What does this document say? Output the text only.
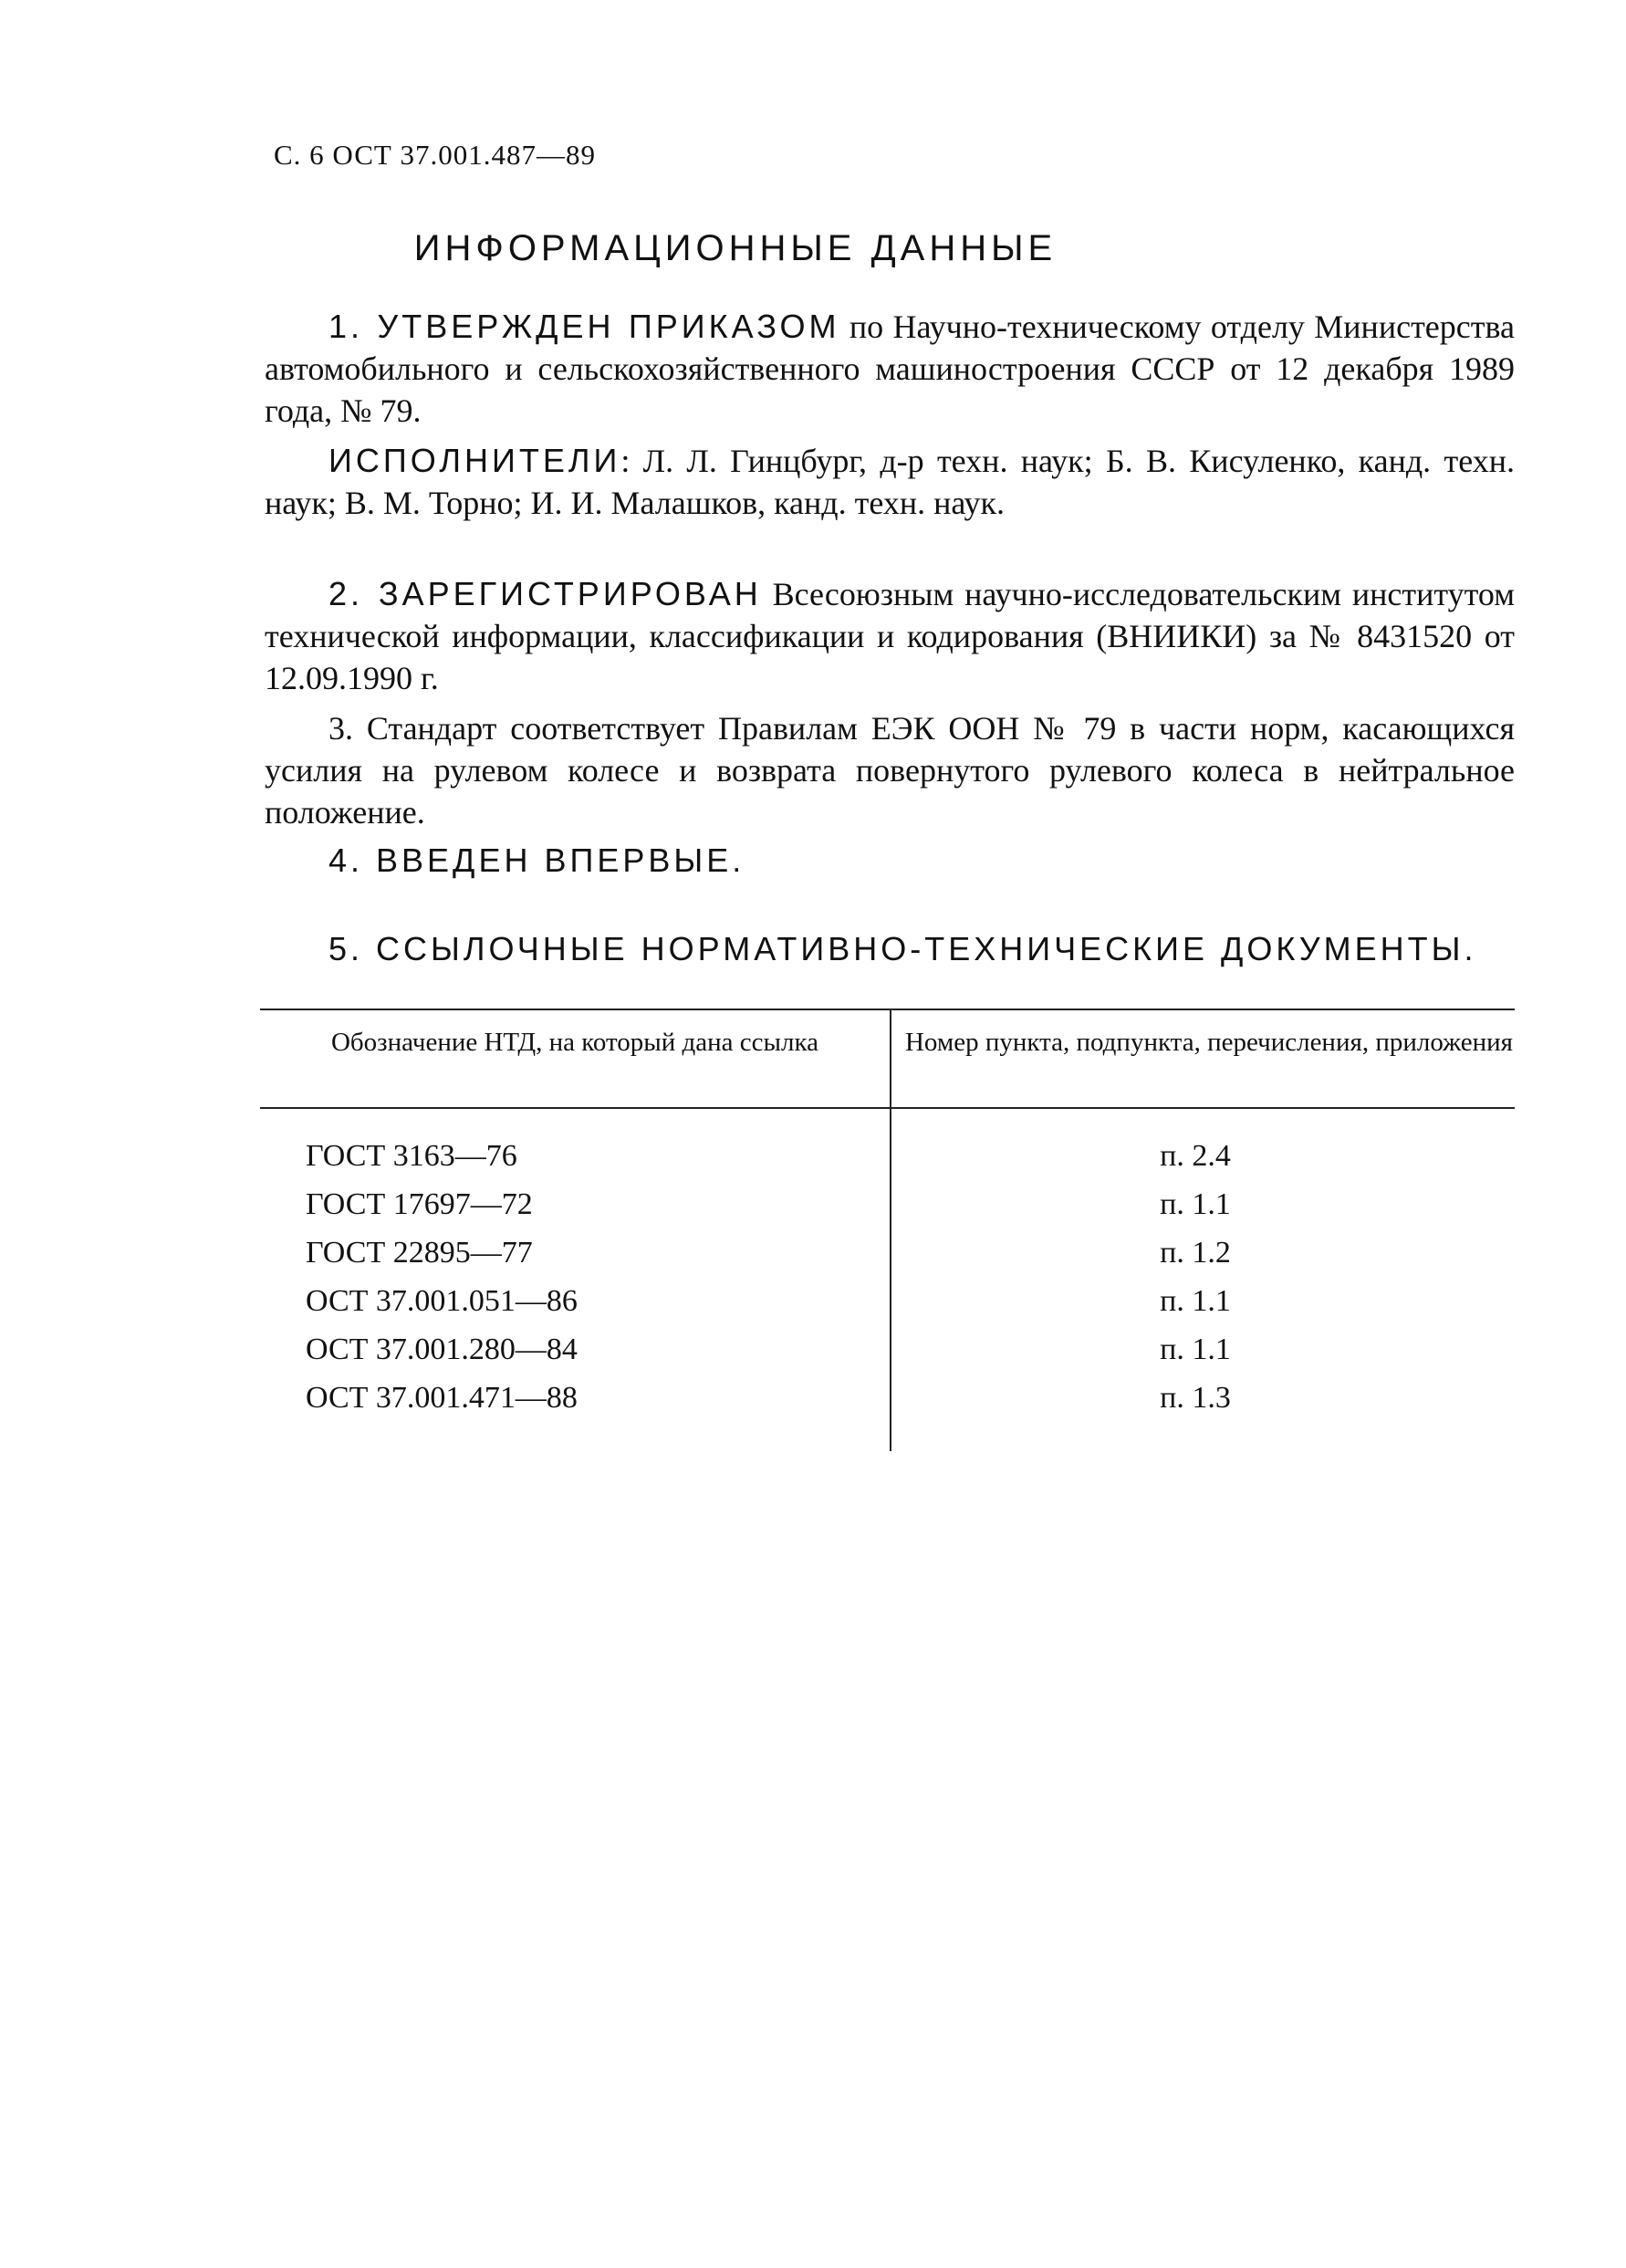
С. 6 ОСТ 37.001.487—89
ИНФОРМАЦИОННЫЕ ДАННЫЕ

1. УТВЕРЖДЕН ПРИКАЗОМ по Научно-техническому отделу Министерства автомобильного и сельскохозяйственного машиностроения СССР от 12 декабря 1989 года, № 79.

ИСПОЛНИТЕЛИ: Л. Л. Гинцбург, д-р техн. наук; Б. В. Кисуленко, канд. техн. наук; В. М. Торно; И. И. Малашков, канд. техн. наук.

2. ЗАРЕГИСТРИРОВАН Всесоюзным научно-исследовательским институтом технической информации, классификации и кодирования (ВНИИКИ) за № 8431520 от 12.09.1990 г.

3. Стандарт соответствует Правилам ЕЭК ООН № 79 в части норм, касающихся усилия на рулевом колесе и возврата повернутого рулевого колеса в нейтральное положение.

4. ВВЕДЕН ВПЕРВЫЕ.

5. ССЫЛОЧНЫЕ НОРМАТИВНО-ТЕХНИЧЕСКИЕ ДОКУМЕНТЫ.

Обозначение НТД, на который дана ссылка	Номер пункта, подпункта, перечисления, приложения
ГОСТ 3163—76	п. 2.4
ГОСТ 17697—72	п. 1.1
ГОСТ 22895—77	п. 1.2
ОСТ 37.001.051—86	п. 1.1
ОСТ 37.001.280—84	п. 1.1
ОСТ 37.001.471—88	п. 1.3
